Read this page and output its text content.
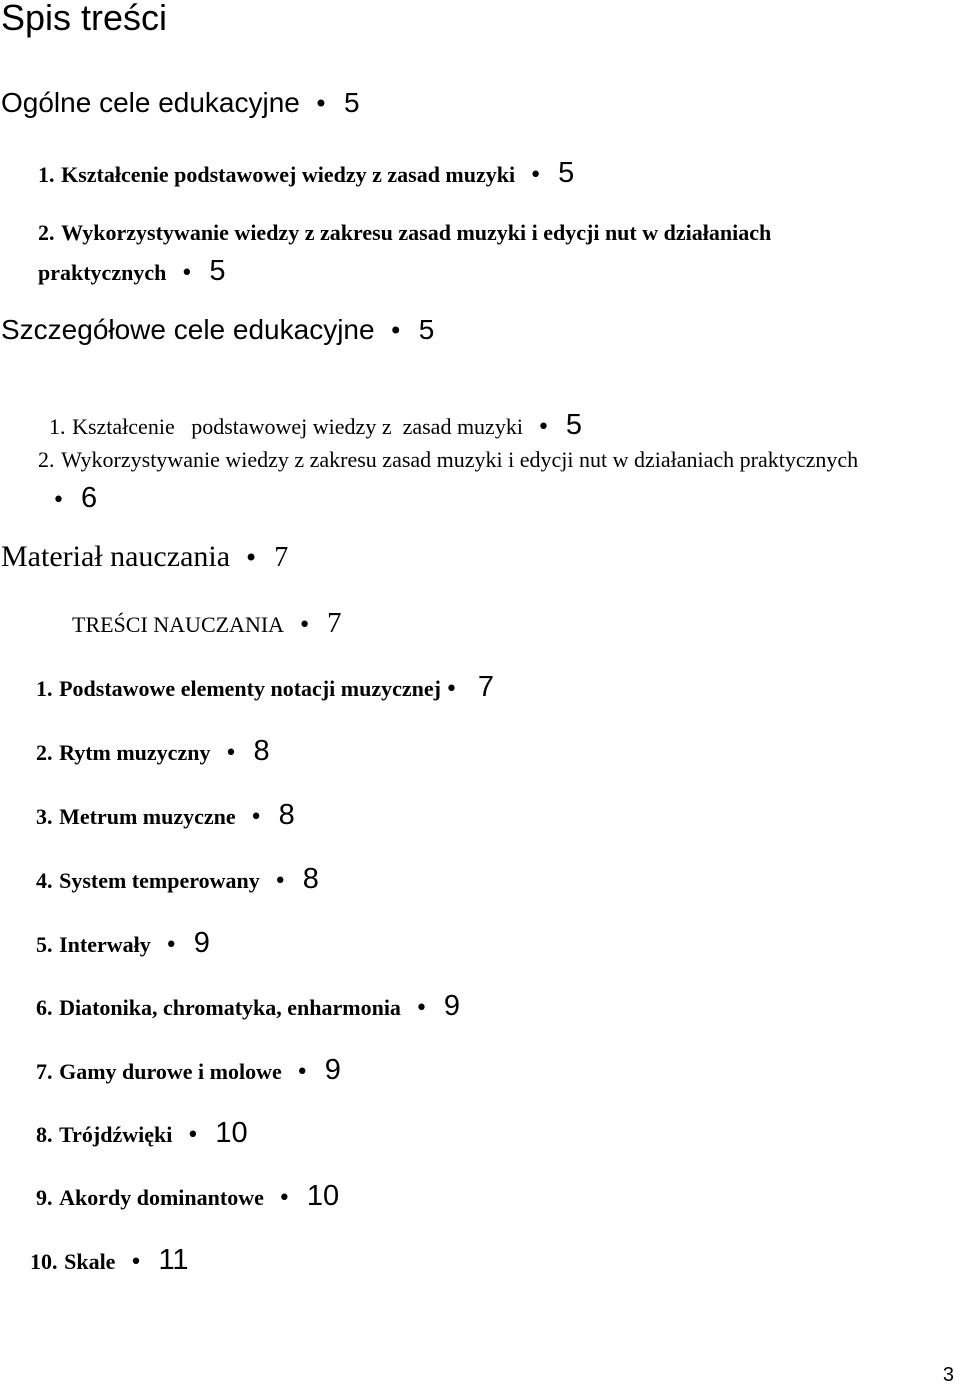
Spis treści
Ogólne cele edukacyjne • 5
1. Kształcenie podstawowej wiedzy z zasad muzyki • 5
2. Wykorzystywanie wiedzy z zakresu zasad muzyki i edycji nut w działaniach praktycznych • 5
Szczegółowe cele edukacyjne • 5

1. Kształcenie   podstawowej wiedzy z  zasad muzyki • 5

2. Wykorzystywanie wiedzy z zakresu zasad muzyki i edycji nut w działaniach praktycznych• 6
Materiał nauczania • 7
TREŚCI NAUCZANIA • 7
1. Podstawowe elementy notacji muzycznej • 7
2. Rytm muzyczny • 8
3. Metrum muzyczne • 8
4. System temperowany • 8
5. Interwały • 9
6. Diatonika, chromatyka, enharmonia • 9
7. Gamy durowe i molowe • 9
8. Trójdźwięki • 10
9. Akordy dominantowe • 10
10. Skale • 11
3
